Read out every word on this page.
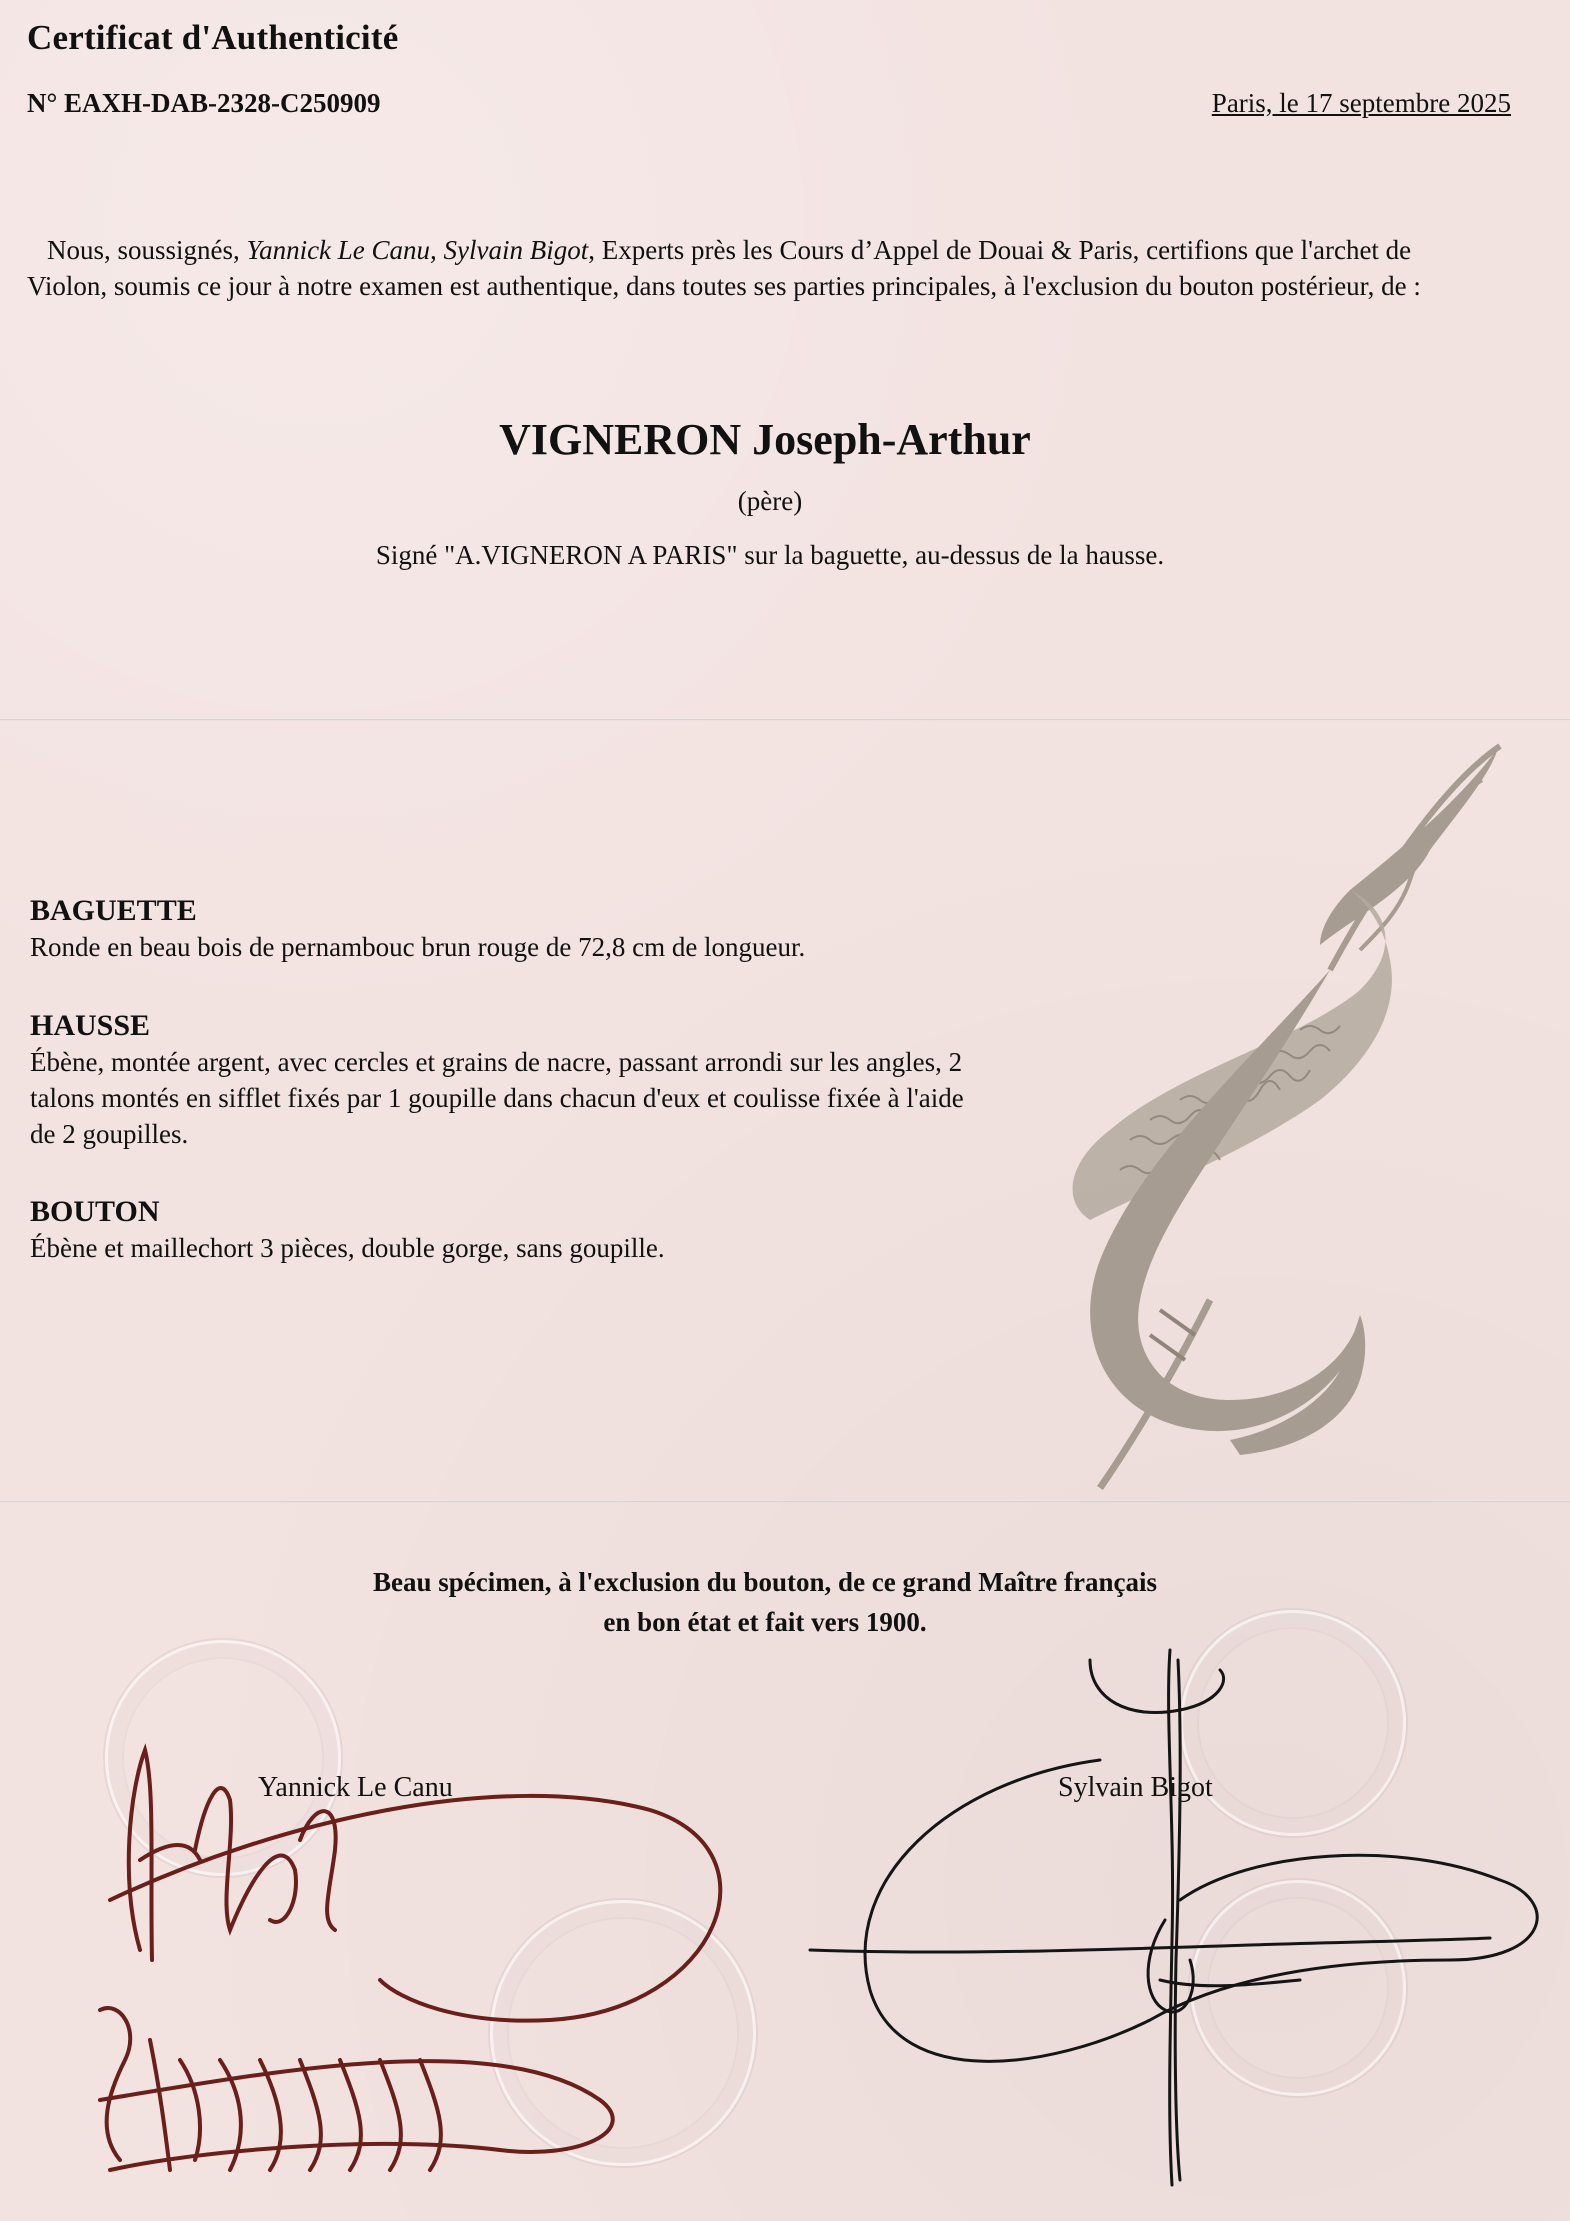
Certificat d'Authenticité
N° EAXH-DAB-2328-C250909	Paris, le 17 septembre 2025
Nous, soussignés, Yannick Le Canu, Sylvain Bigot, Experts près les Cours d’Appel de Douai & Paris, certifions que l'archet de Violon, soumis ce jour à notre examen est authentique, dans toutes ses parties principales, à l'exclusion du bouton postérieur, de :
VIGNERON Joseph-Arthur
(père)
Signé "A.VIGNERON A PARIS" sur la baguette, au-dessus de la hausse.
BAGUETTE
Ronde en beau bois de pernambouc brun rouge de 72,8 cm de longueur.
HAUSSE
Ébène, montée argent, avec cercles et grains de nacre, passant arrondi sur les angles, 2 talons montés en sifflet fixés par 1 goupille dans chacun d'eux et coulisse fixée à l'aide de 2 goupilles.
BOUTON
Ébène et maillechort 3 pièces, double gorge, sans goupille.
Beau spécimen, à l'exclusion du bouton, de ce grand Maître français
en bon état et fait vers 1900.
Yannick Le Canu	Sylvain Bigot
